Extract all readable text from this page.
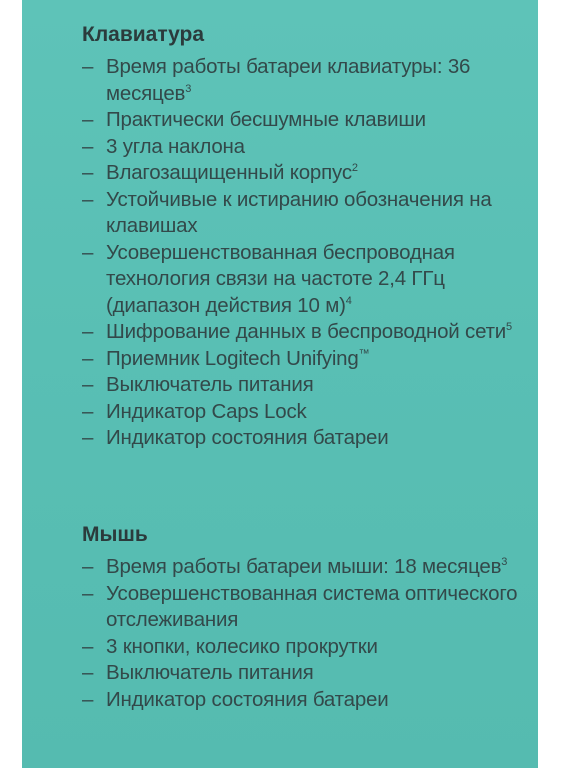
Клавиатура
– Время работы батареи клавиатуры: 36 месяцев$^3$
– Практически бесшумные клавиши
– 3 угла наклона
– Влагозащищенный корпус$^2$
– Устойчивые к истиранию обозначения на клавишах
– Усовершенствованная беспроводная технология связи на частоте 2,4 ГГц (диапазон действия 10 м)$^4$
– Шифрование данных в беспроводной сети$^5$
– Приемник Logitech Unifying™
– Выключатель питания
– Индикатор Caps Lock
– Индикатор состояния батареи
Мышь
– Время работы батареи мыши: 18 месяцев$^3$
– Усовершенствованная система оптического отслеживания
– 3 кнопки, колесико прокрутки
– Выключатель питания
– Индикатор состояния батареи
